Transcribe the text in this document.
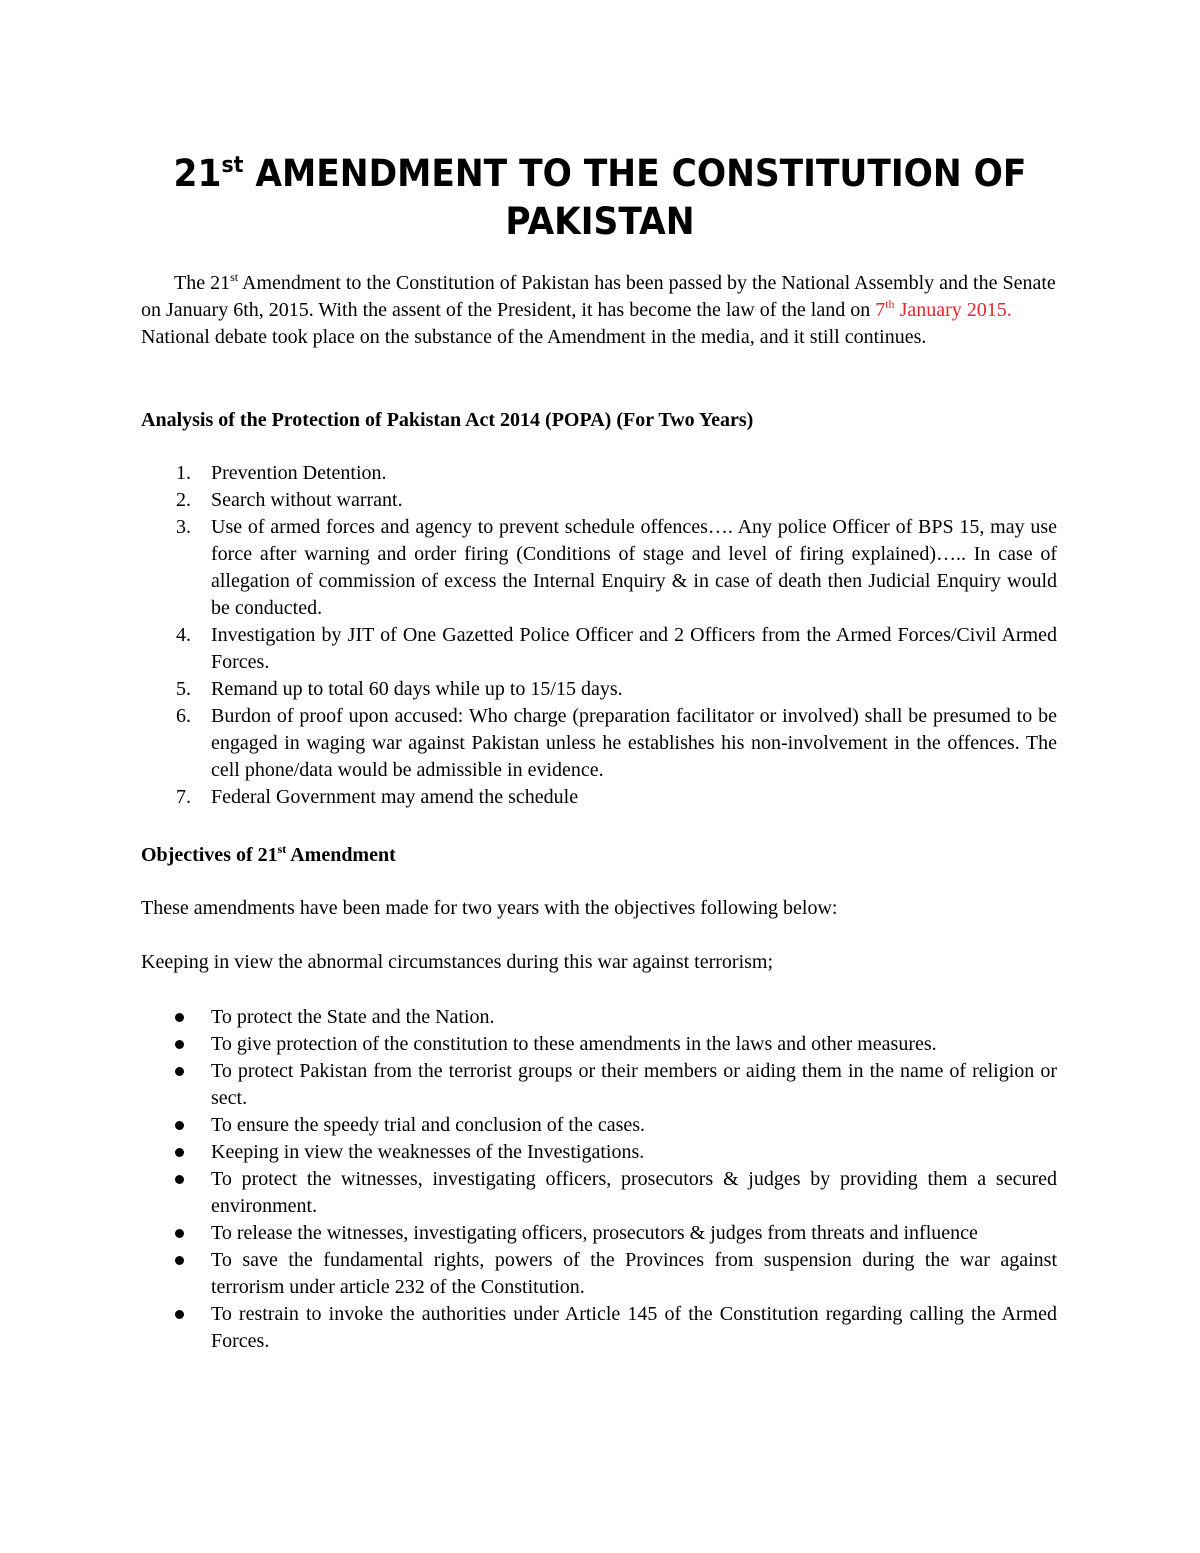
21st AMENDMENT TO THE CONSTITUTION OF
PAKISTAN

The 21st Amendment to the Constitution of Pakistan has been passed by the National Assembly and the Senate on January 6th, 2015. With the assent of the President, it has become the law of the land on 7th January 2015. National debate took place on the substance of the Amendment in the media, and it still continues.

Analysis of the Protection of Pakistan Act 2014 (POPA) (For Two Years)
1. Prevention Detention.
2. Search without warrant.
3. Use of armed forces and agency to prevent schedule offences…. Any police Officer of BPS 15, may use force after warning and order firing (Conditions of stage and level of firing explained)….. In case of allegation of commission of excess the Internal Enquiry & in case of death then Judicial Enquiry would be conducted.
4. Investigation by JIT of One Gazetted Police Officer and 2 Officers from the Armed Forces/Civil Armed Forces.
5. Remand up to total 60 days while up to 15/15 days.
6. Burdon of proof upon accused: Who charge (preparation facilitator or involved) shall be presumed to be engaged in waging war against Pakistan unless he establishes his non-involvement in the offences. The cell phone/data would be admissible in evidence.
7. Federal Government may amend the schedule
Objectives of 21st Amendment

These amendments have been made for two years with the objectives following below:

Keeping in view the abnormal circumstances during this war against terrorism;

To protect the State and the Nation.
To give protection of the constitution to these amendments in the laws and other measures.
To protect Pakistan from the terrorist groups or their members or aiding them in the name of religion or sect.
To ensure the speedy trial and conclusion of the cases.
Keeping in view the weaknesses of the Investigations.
To protect the witnesses, investigating officers, prosecutors & judges by providing them a secured environment.
To release the witnesses, investigating officers, prosecutors & judges from threats and influence
To save the fundamental rights, powers of the Provinces from suspension during the war against terrorism under article 232 of the Constitution.
To restrain to invoke the authorities under Article 145 of the Constitution regarding calling the Armed Forces.
